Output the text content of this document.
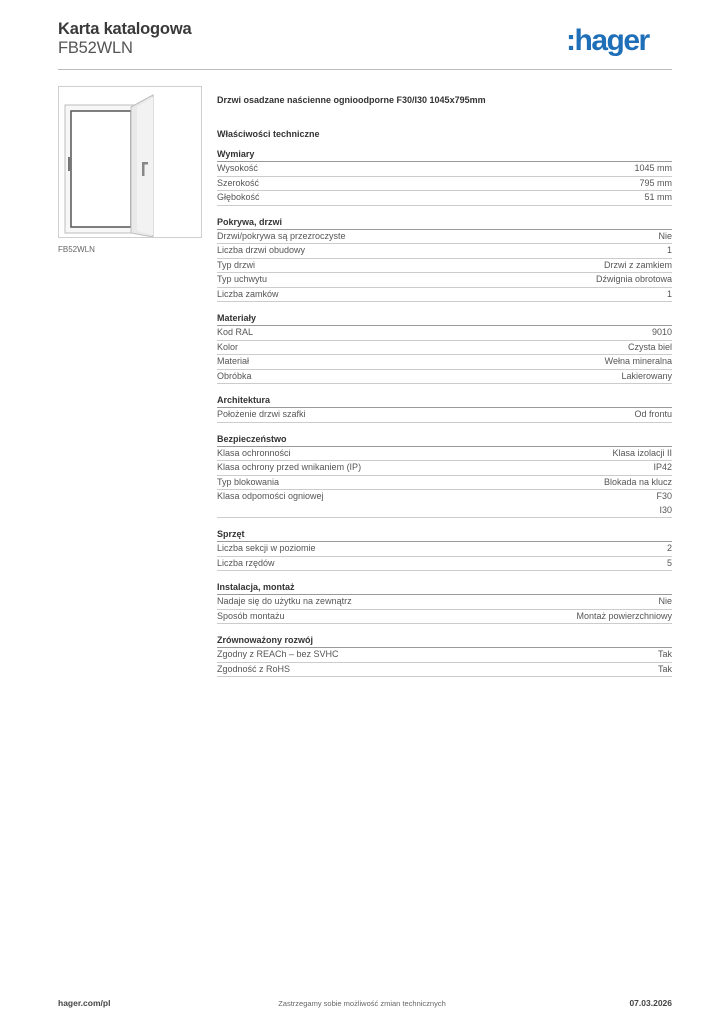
Karta katalogowa
FB52WLN	:hager
FB52WLN
Drzwi osadzane naścienne ognioodporne F30/I30 1045x795mm
Właściwości techniczne
Wymiary
Wysokość	1045 mm
Szerokość	795 mm
Głębokość	51 mm
Pokrywa, drzwi
Drzwi/pokrywa są przezroczyste	Nie
Liczba drzwi obudowy	1
Typ drzwi	Drzwi z zamkiem
Typ uchwytu	Dźwignia obrotowa
Liczba zamków	1
Materiały
Kod RAL	9010
Kolor	Czysta biel
Materiał	Wełna mineralna
Obróbka	Lakierowany
Architektura
Położenie drzwi szafki	Od frontu
Bezpieczeństwo
Klasa ochronności	Klasa izolacji II
Klasa ochrony przed wnikaniem (IP)	IP42
Typ blokowania	Blokada na klucz
Klasa odpomości ogniowej	F30
I30
Sprzęt
Liczba sekcji w poziomie	2
Liczba rzędów	5
Instalacja, montaż
Nadaje się do użytku na zewnątrz	Nie
Sposób montażu	Montaż powierzchniowy
Zrównoważony rozwój
Zgodny z REACh – bez SVHC	Tak
Zgodność z RoHS	Tak
hager.com/pl	Zastrzegamy sobie możliwość zmian technicznych	07.03.2026
